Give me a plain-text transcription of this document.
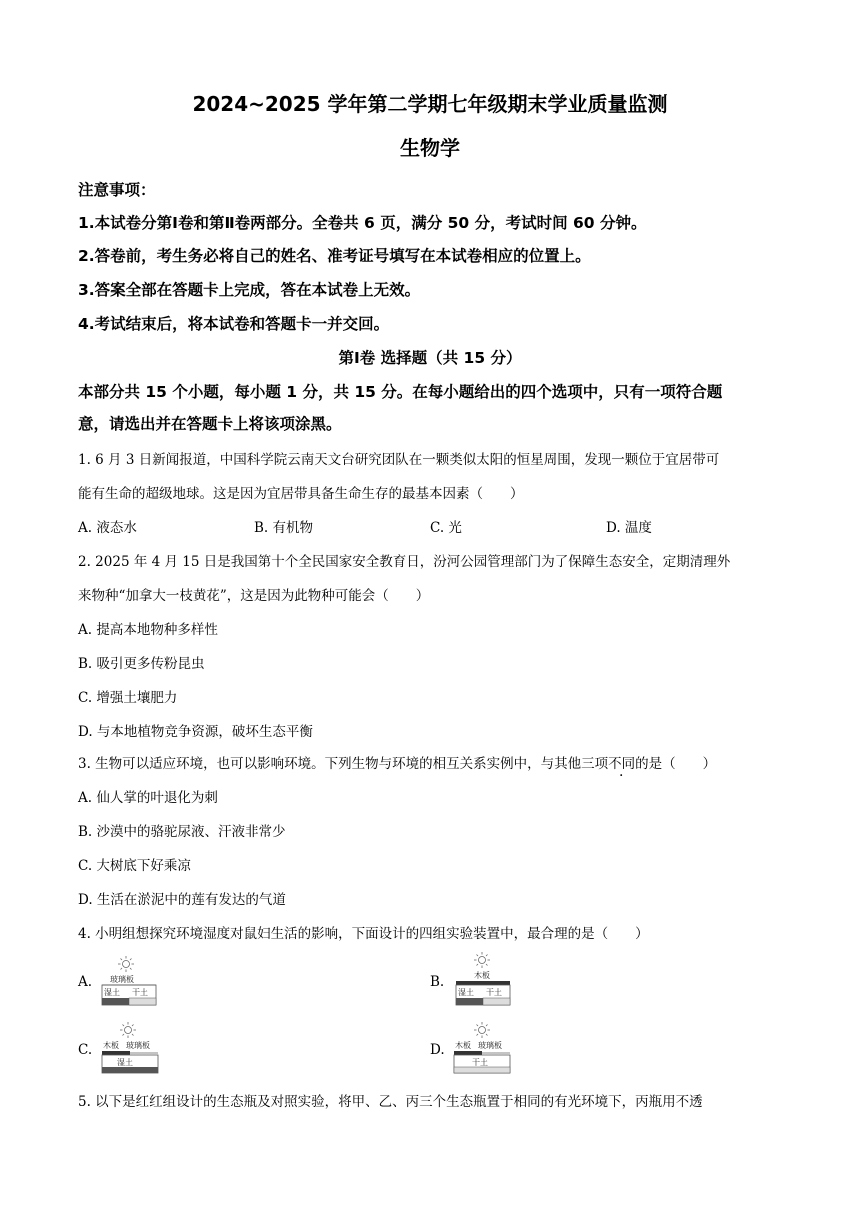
2024~2025 学年第二学期七年级期末学业质量监测
生物学
注意事项：
1.本试卷分第Ⅰ卷和第Ⅱ卷两部分。全卷共 6 页，满分 50 分，考试时间 60 分钟。
2.答卷前，考生务必将自己的姓名、准考证号填写在本试卷相应的位置上。
3.答案全部在答题卡上完成，答在本试卷上无效。
4.考试结束后，将本试卷和答题卡一并交回。
第Ⅰ卷 选择题（共 15 分）
本部分共 15 个小题，每小题 1 分，共 15 分。在每小题给出的四个选项中，只有一项符合题
意，请选出并在答题卡上将该项涂黑。
1. 6 月 3 日新闻报道，中国科学院云南天文台研究团队在一颗类似太阳的恒星周围，发现一颗位于宜居带可
能有生命的超级地球。这是因为宜居带具备生命生存的最基本因素（　　）
A. 液态水	B. 有机物	C. 光	D. 温度
2. 2025 年 4 月 15 日是我国第十个全民国家安全教育日，汾河公园管理部门为了保障生态安全，定期清理外
来物种“加拿大一枝黄花”，这是因为此物种可能会（　　）
A. 提高本地物种多样性
B. 吸引更多传粉昆虫
C. 增强土壤肥力
D. 与本地植物竞争资源，破坏生态平衡
3. 生物可以适应环境，也可以影响环境。下列生物与环境的相互关系实例中，与其他三项不同的是（　　）
A. 仙人掌的叶退化为刺
B. 沙漠中的骆驼尿液、汗液非常少
C. 大树底下好乘凉
D. 生活在淤泥中的莲有发达的气道
4. 小明组想探究环境湿度对鼠妇生活的影响，下面设计的四组实验装置中，最合理的是（　　）
A. 玻璃板
湿土 干土
B.	木板
湿土 干土
C. 木板 玻璃板
湿土
D. 木板 玻璃板
干土
5. 以下是红红组设计的生态瓶及对照实验，将甲、乙、丙三个生态瓶置于相同的有光环境下，丙瓶用不透
